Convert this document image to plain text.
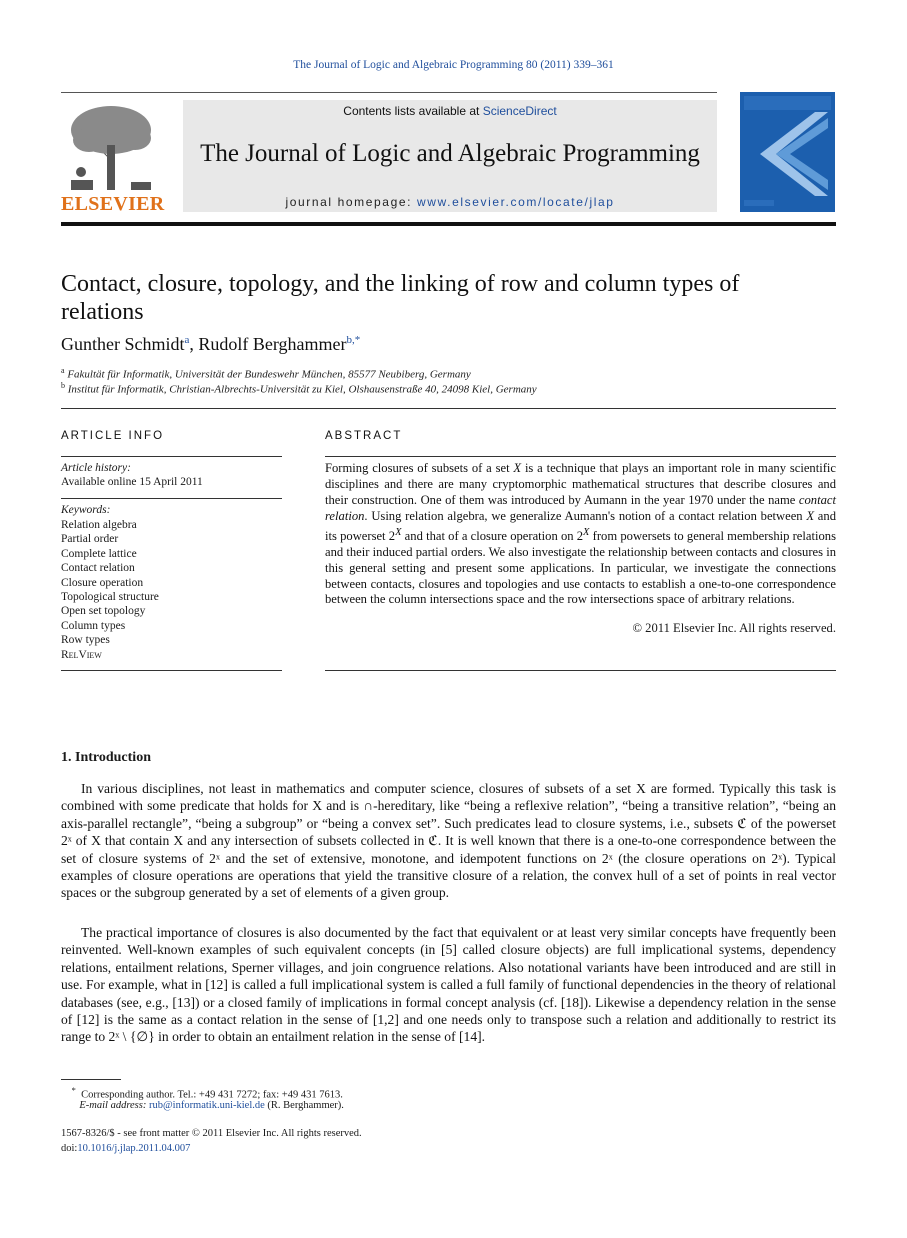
The Journal of Logic and Algebraic Programming 80 (2011) 339–361
ELSEVIER
Contents lists available at ScienceDirect
The Journal of Logic and Algebraic Programming
journal homepage: www.elsevier.com/locate/jlap
Contact, closure, topology, and the linking of row and column types of relations
Gunther Schmidt$^a$, Rudolf Berghammer$^{b,*}$
$^a$ Fakultät für Informatik, Universität der Bundeswehr München, 85577 Neubiberg, Germany
$^b$ Institut für Informatik, Christian-Albrechts-Universität zu Kiel, Olshausenstraße 40, 24098 Kiel, Germany
ARTICLE INFO
Article history:
Available online 15 April 2011
Keywords:
Relation algebra
Partial order
Complete lattice
Contact relation
Closure operation
Topological structure
Open set topology
Column types
Row types
RelView
ABSTRACT
Forming closures of subsets of a set X is a technique that plays an important role in many scientific disciplines and there are many cryptomorphic mathematical structures that describe closures and their construction. One of them was introduced by Aumann in the year 1970 under the name contact relation. Using relation algebra, we generalize Aumann's notion of a contact relation between X and its powerset $2^X$ and that of a closure operation on $2^X$ from powersets to general membership relations and their induced partial orders. We also investigate the relationship between contacts and closures in this general setting and present some applications. In particular, we investigate the connections between contacts, closures and topologies and use contacts to establish a one-to-one correspondence between the column intersections space and the row intersections space of arbitrary relations.
© 2011 Elsevier Inc. All rights reserved.
1. Introduction
In various disciplines, not least in mathematics and computer science, closures of subsets of a set X are formed. Typically this task is combined with some predicate that holds for X and is ∩-hereditary, like “being a reflexive relation”, “being a transitive relation”, “being an axis-parallel rectangle”, “being a subgroup” or “being a convex set”. Such predicates lead to closure systems, i.e., subsets ℭ of the powerset 2ˣ of X that contain X and any intersection of subsets collected in ℭ. It is well known that there is a one-to-one correspondence between the set of closure systems of 2ˣ and the set of extensive, monotone, and idempotent functions on 2ˣ (the closure operations on 2ˣ). Typical examples of closure operations are operations that yield the transitive closure of a relation, the convex hull of a set of points in real vector spaces or the subgroup generated by a set of elements of a given group.
The practical importance of closures is also documented by the fact that equivalent or at least very similar concepts have frequently been reinvented. Well-known examples of such equivalent concepts (in [5] called closure objects) are full implicational systems, dependency relations, entailment relations, Sperner villages, and join congruence relations. Also notational variants have been introduced and are still in use. For example, what in [12] is called a full implicational system is called a full family of functional dependencies in the theory of relational databases (see, e.g., [13]) or a closed family of implications in formal concept analysis (cf. [18]). Likewise a dependency relation in the sense of [12] is the same as a contact relation in the sense of [1,2] and one needs only to transpose such a relation and additionally to restrict its range to 2ˣ \ {∅} in order to obtain an entailment relation in the sense of [14].
* Corresponding author. Tel.: +49 431 7272; fax: +49 431 7613.
E-mail address: rub@informatik.uni-kiel.de (R. Berghammer).
1567-8326/$ - see front matter © 2011 Elsevier Inc. All rights reserved.
doi:10.1016/j.jlap.2011.04.007
